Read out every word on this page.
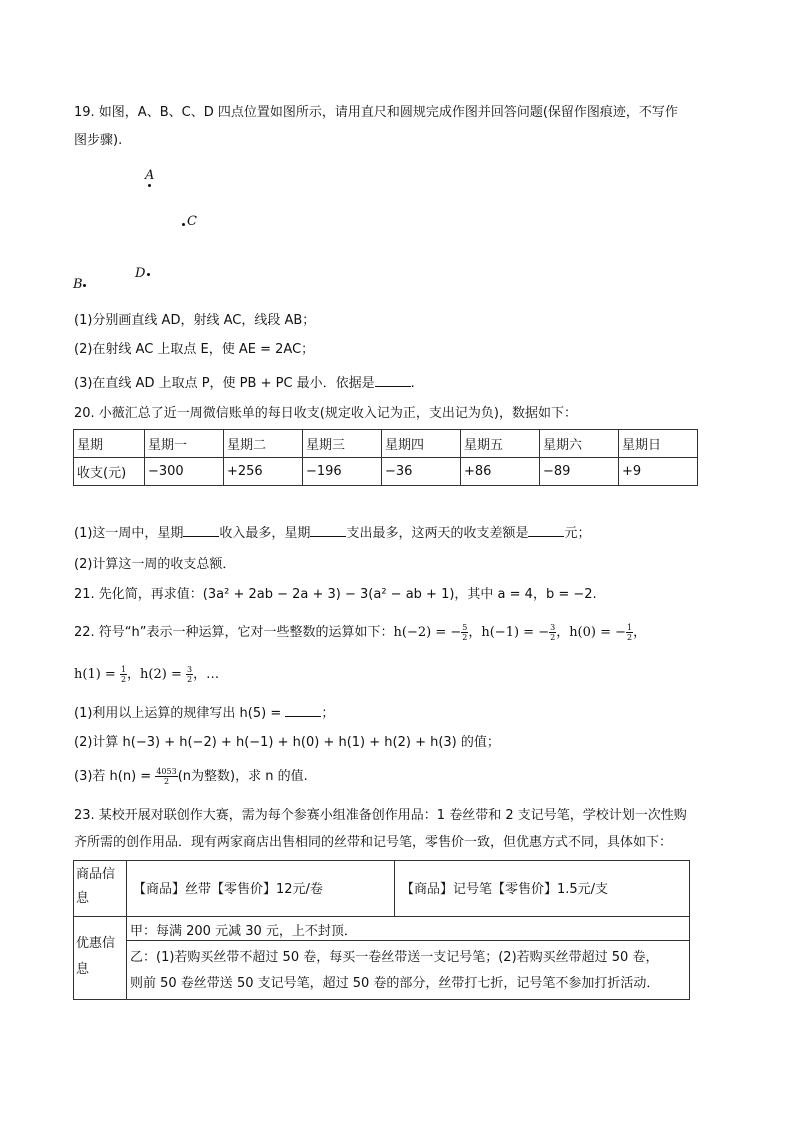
19. 如图，A、B、C、D 四点位置如图所示，请用直尺和圆规完成作图并回答问题(保留作图痕迹，不写作
图步骤).
A
C
D
B
(1)分别画直线 AD，射线 AC，线段 AB；
(2)在射线 AC 上取点 E，使 AE = 2AC；
(3)在直线 AD 上取点 P，使 PB + PC 最小．依据是	.
20. 小薇汇总了近一周微信账单的每日收支(规定收入记为正，支出记为负)，数据如下：
星期	星期一	星期二	星期三	星期四	星期五	星期六	星期日
收支(元)	−300	+256	−196	−36	+86	−89	+9
(1)这一周中，星期	收入最多，星期	支出最多，这两天的收支差额是	元；
(2)计算这一周的收支总额．
21. 先化简，再求值：(3a² + 2ab − 2a + 3) − 3(a² − ab + 1)，其中 a = 4，b = −2.
22. 符号“h”表示一种运算，它对一些整数的运算如下：h(−2) = − $\frac{5}{2}$ ，h(−1) = − $\frac{3}{2}$ ，h(0) = − $\frac{1}{2}$ ，
$h(1) = \frac{1}{2}$ ，$h(2) = \frac{3}{2}$ ，…
(1)利用以上运算的规律写出 h(5) =	；
(2)计算 h(−3) + h(−2) + h(−1) + h(0) + h(1) + h(2) + h(3) 的值；
(3)若 $h(n) = \frac{4053}{2} (n$为整数)，求 n 的值.
23. 某校开展对联创作大赛，需为每个参赛小组准备创作用品：1 卷丝带和 2 支记号笔，学校计划一次性购
齐所需的创作用品．现有两家商店出售相同的丝带和记号笔，零售价一致，但优惠方式不同，具体如下：
商品信
息
【商品】丝带【零售价】12元/卷	【商品】记号笔【零售价】1.5元/支
优惠信
息
甲：每满 200 元减 30 元，上不封顶．
乙：(1)若购买丝带不超过 50 卷，每买一卷丝带送一支记号笔；(2)若购买丝带超过 50 卷，
则前 50 卷丝带送 50 支记号笔，超过 50 卷的部分，丝带打七折，记号笔不参加打折活动．
